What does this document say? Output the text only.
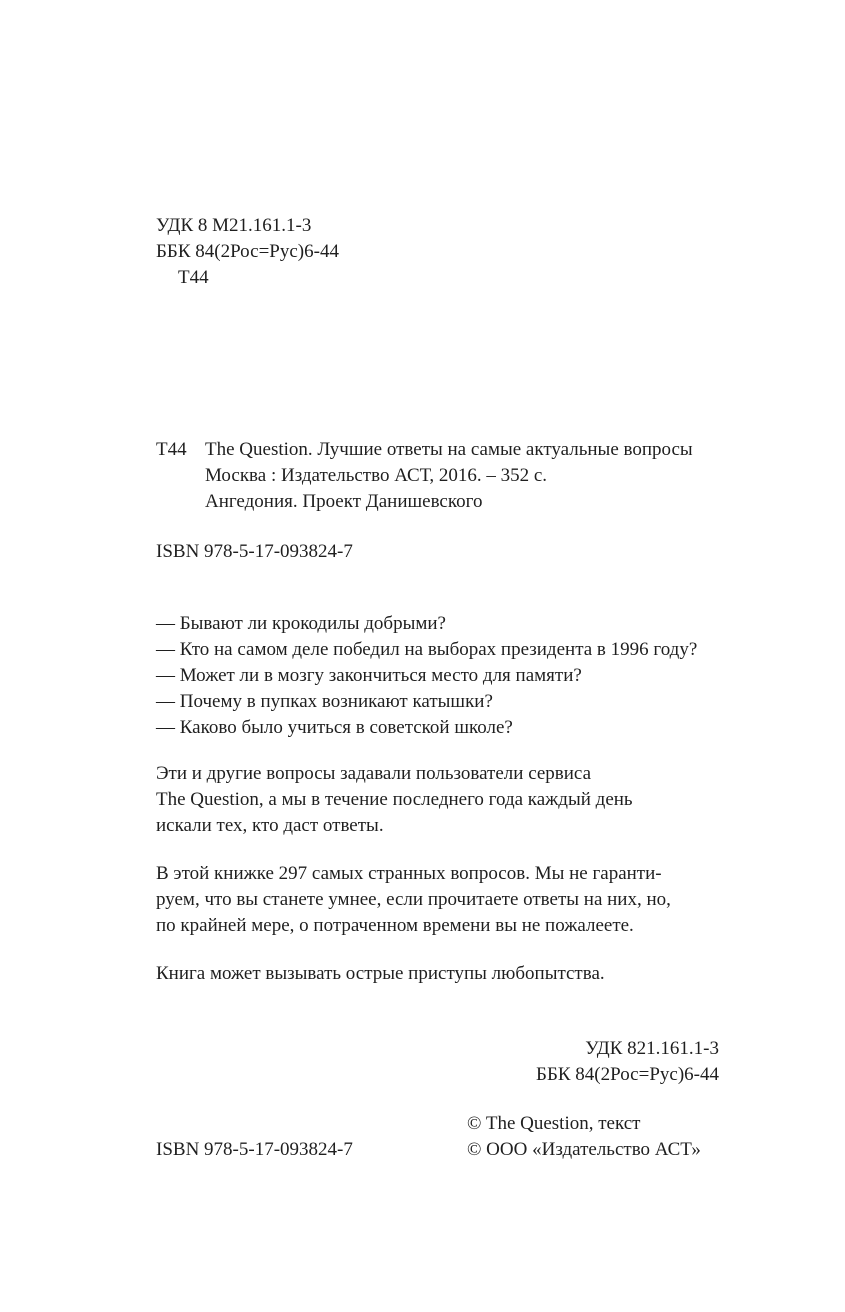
УДК 8 М21.161.1-3

ББК 84(2Рос=Рус)6-44

Т44

Т44 The Question. Лучшие ответы на самые актуальные вопросы

Москва : Издательство АСТ, 2016. – 352 с.

Ангедония. Проект Данишевского

ISBN 978-5-17-093824-7

— Бывают ли крокодилы добрыми?

— Кто на самом деле победил на выборах президента в 1996 году?

— Может ли в мозгу закончиться место для памяти?

— Почему в пупках возникают катышки?

— Каково было учиться в советской школе?

Эти и другие вопросы задавали пользователи сервиса

The Question, а мы в течение последнего года каждый день

искали тех, кто даст ответы.

В этой книжке 297 самых странных вопросов. Мы не гаранти-

руем, что вы станете умнее, если прочитаете ответы на них, но,

по крайней мере, о потраченном времени вы не пожалеете.

Книга может вызывать острые приступы любопытства.

УДК 821.161.1-3

ББК 84(2Рос=Рус)6-44

© The Question, текст

© ООО «Издательство АСТ»

ISBN 978-5-17-093824-7
